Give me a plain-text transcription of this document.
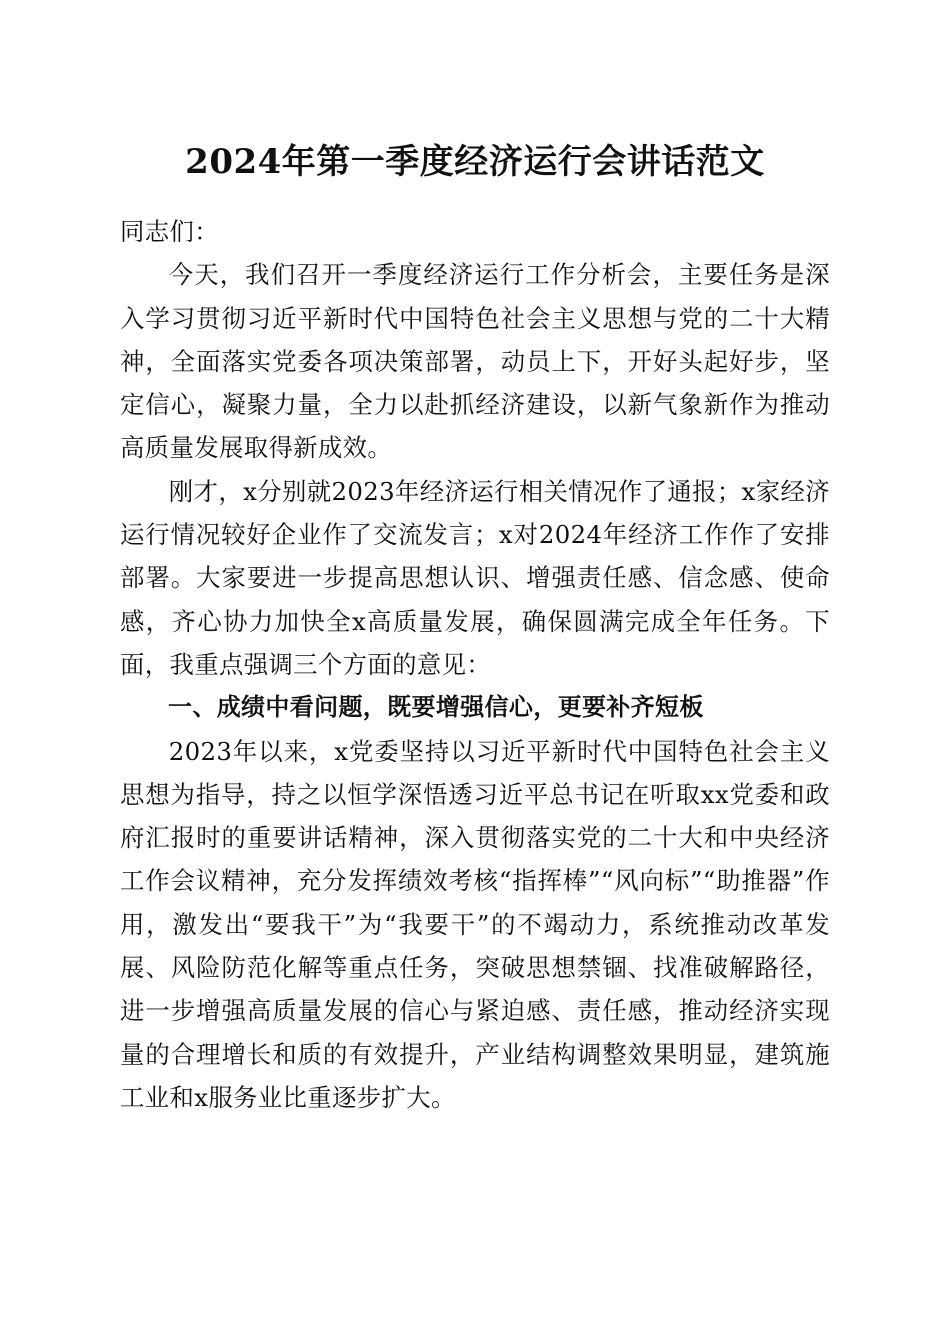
2024年第一季度经济运行会讲话范文

同志们：

今天，我们召开一季度经济运行工作分析会，主要任务是深入学习贯彻习近平新时代中国特色社会主义思想与党的二十大精神，全面落实党委各项决策部署，动员上下，开好头起好步，坚定信心，凝聚力量，全力以赴抓经济建设，以新气象新作为推动高质量发展取得新成效。

刚才，x分别就2023年经济运行相关情况作了通报；x家经济运行情况较好企业作了交流发言；x对2024年经济工作作了安排部署。大家要进一步提高思想认识、增强责任感、信念感、使命感，齐心协力加快全x高质量发展，确保圆满完成全年任务。下面，我重点强调三个方面的意见：

一、成绩中看问题，既要增强信心，更要补齐短板

2023年以来，x党委坚持以习近平新时代中国特色社会主义思想为指导，持之以恒学深悟透习近平总书记在听取xx党委和政府汇报时的重要讲话精神，深入贯彻落实党的二十大和中央经济工作会议精神，充分发挥绩效考核“指挥棒”“风向标”“助推器”作用，激发出“要我干”为“我要干”的不竭动力，系统推动改革发展、风险防范化解等重点任务，突破思想禁锢、找准破解路径，进一步增强高质量发展的信心与紧迫感、责任感，推动经济实现量的合理增长和质的有效提升，产业结构调整效果明显，建筑施工业和x服务业比重逐步扩大。
